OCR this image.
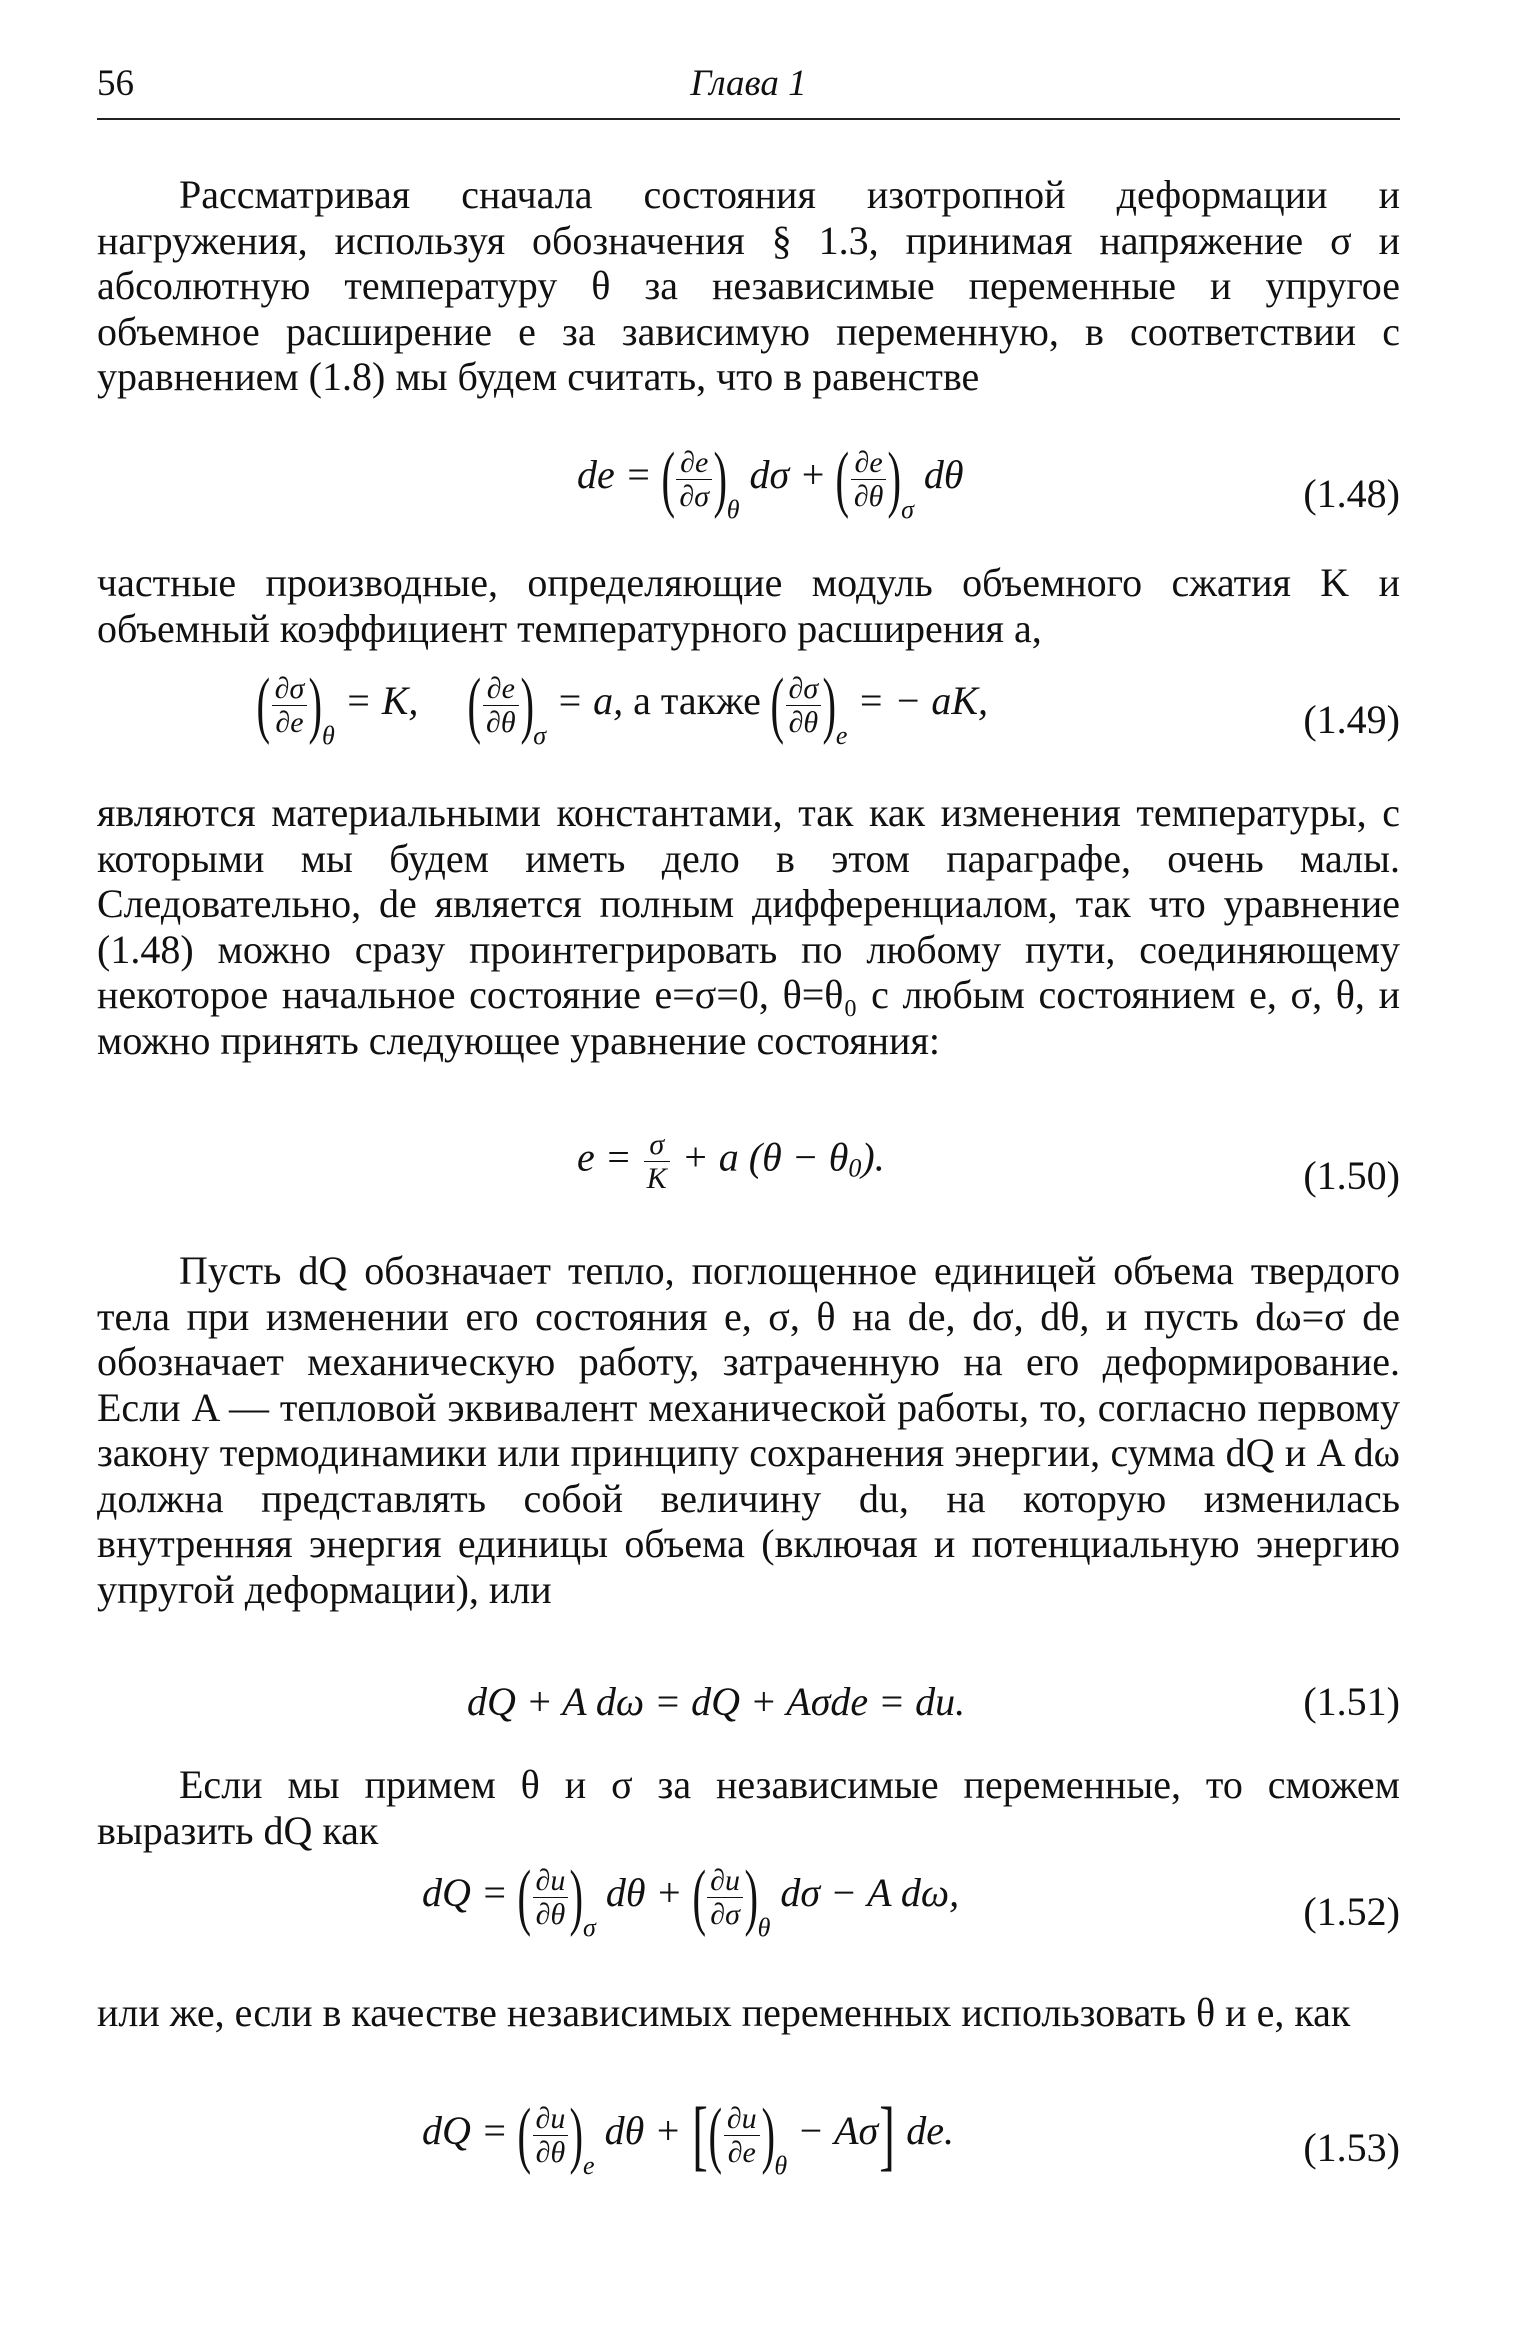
56	Глава 1

Рассматривая сначала состояния изотропной деформации и нагружения, используя обозначения § 1.3, принимая напряжение σ и абсолютную температуру θ за независимые переменные и упругое объемное расширение e за зависимую переменную, в соответствии с уравнением (1.8) мы будем считать, что в равенстве

de = ( $\frac{\partial e}{\partial\sigma} )_\theta$ dσ + ( $\frac{\partial e}{\partial\theta} )_\sigma$ dθ	(1.48)

частные производные, определяющие модуль объемного сжатия K и объемный коэффициент температурного расширения a,

( $\frac{\partial\sigma}{\partial e} )_\theta = K$,     ( $\frac{\partial e}{\partial\theta} )_\sigma = a$, а также ( $\frac{\partial\sigma}{\partial\theta} )_e$ = − aK,	(1.49)

являются материальными константами, так как изменения температуры, с которыми мы будем иметь дело в этом параграфе, очень малы. Следовательно, de является полным дифференциалом, так что уравнение (1.48) можно сразу проинтегрировать по любому пути, соединяющему некоторое начальное состояние e=σ=0, θ=θ₀ с любым состоянием e, σ, θ, и можно принять следующее уравнение состояния:

$e = \frac{\sigma}{K} + a$ (θ − θ0).	(1.50)

Пусть dQ обозначает тепло, поглощенное единицей объема твердого тела при изменении его состояния e, σ, θ на de, dσ, dθ, и пусть dω=σ de обозначает механическую работу, затраченную на его деформирование. Если A — тепловой эквивалент механической работы, то, согласно первому закону термодинамики или принципу сохранения энергии, сумма dQ и A dω должна представлять собой величину du, на которую изменилась внутренняя энергия единицы объема (включая и потенциальную энергию упругой деформации), или

dQ + A dω = dQ + Aσde = du.	(1.51)

Если мы примем θ и σ за независимые переменные, то сможем выразить dQ как

dQ = ( $\frac{\partial u}{\partial\theta} )_\sigma$ dθ + ( $\frac{\partial u}{\partial\sigma} )_\theta$ dσ − A dω,	(1.52)

или же, если в качестве независимых переменных использовать θ и e, как

dQ = ( $\frac{\partial u}{\partial\theta} )_e$ dθ + [( $\frac{\partial u}{\partial e} )_\theta - A\sigma$] de.	(1.53)
